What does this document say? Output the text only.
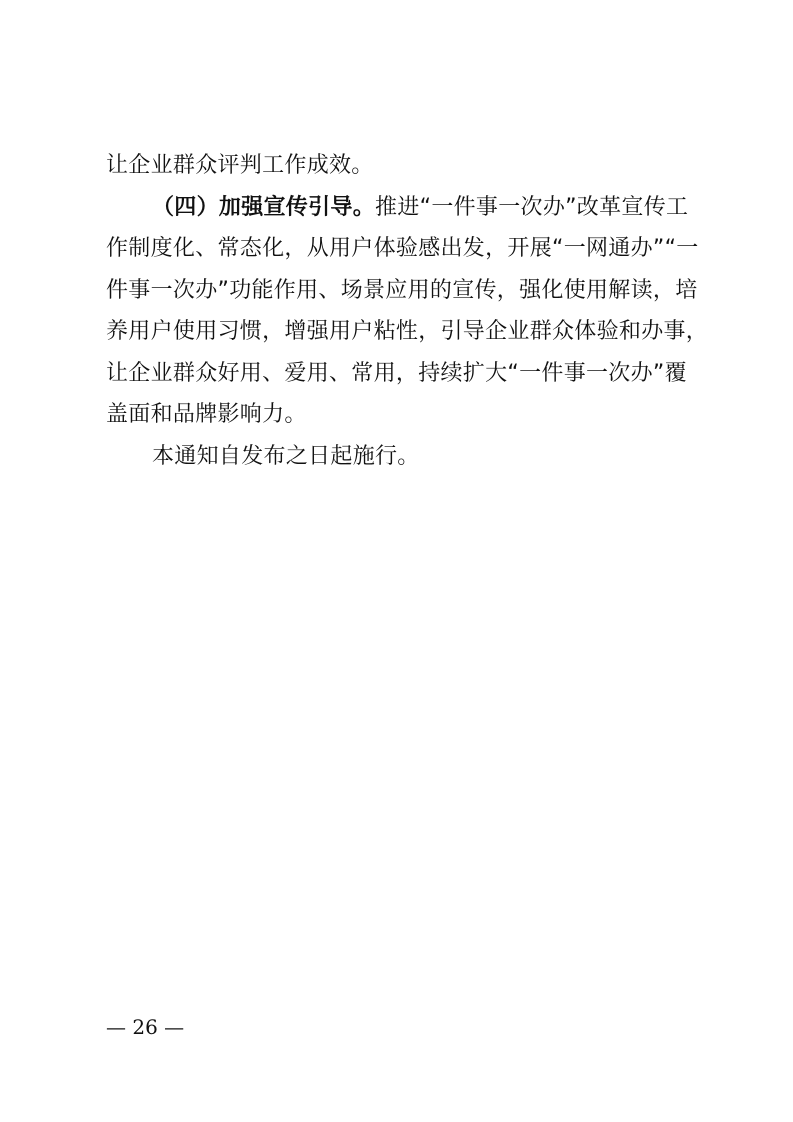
让企业群众评判工作成效。
（四）加强宣传引导。推进“一件事一次办”改革宣传工
作制度化、常态化，从用户体验感出发，开展“一网通办”“一
件事一次办”功能作用、场景应用的宣传，强化使用解读，培
养用户使用习惯，增强用户粘性，引导企业群众体验和办事，
让企业群众好用、爱用、常用，持续扩大“一件事一次办”覆
盖面和品牌影响力。
本通知自发布之日起施行。
— 26 —
